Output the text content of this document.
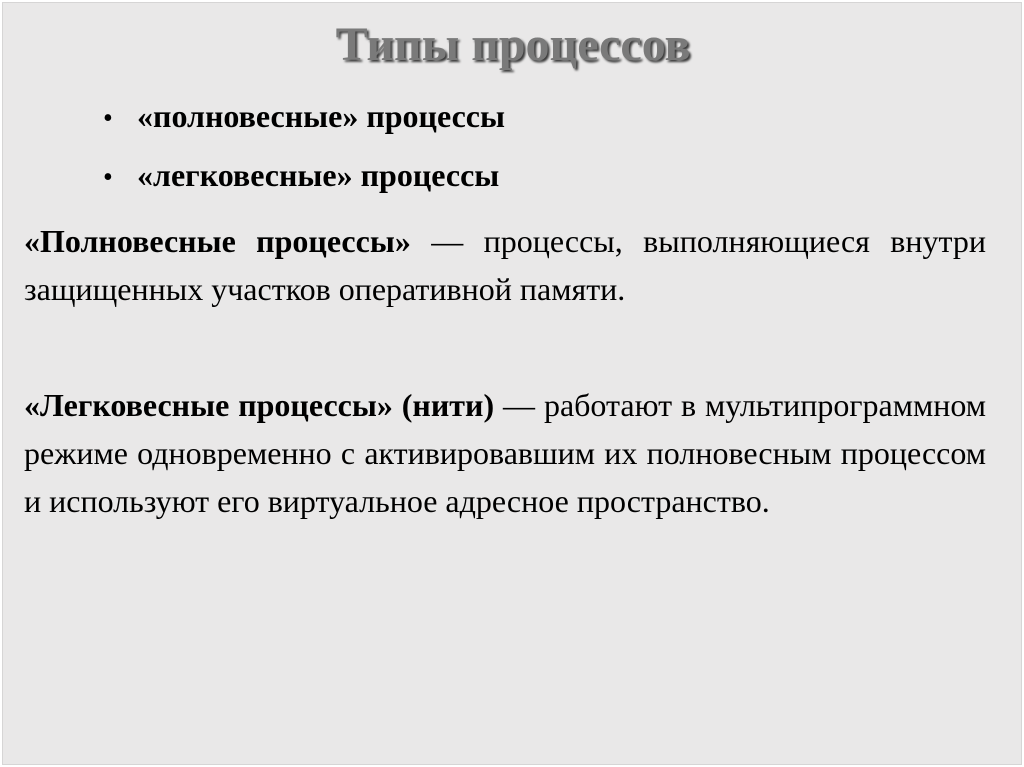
Типы процессов
• «полновесные» процессы
• «легковесные» процессы

«Полновесные процессы» — процессы, выполняющиеся внутри защищенных участков оперативной памяти.

«Легковесные процессы» (нити) — работают в мультипрограммном режиме одновременно с активировавшим их полновесным процессом и используют его виртуальное адресное пространство.
